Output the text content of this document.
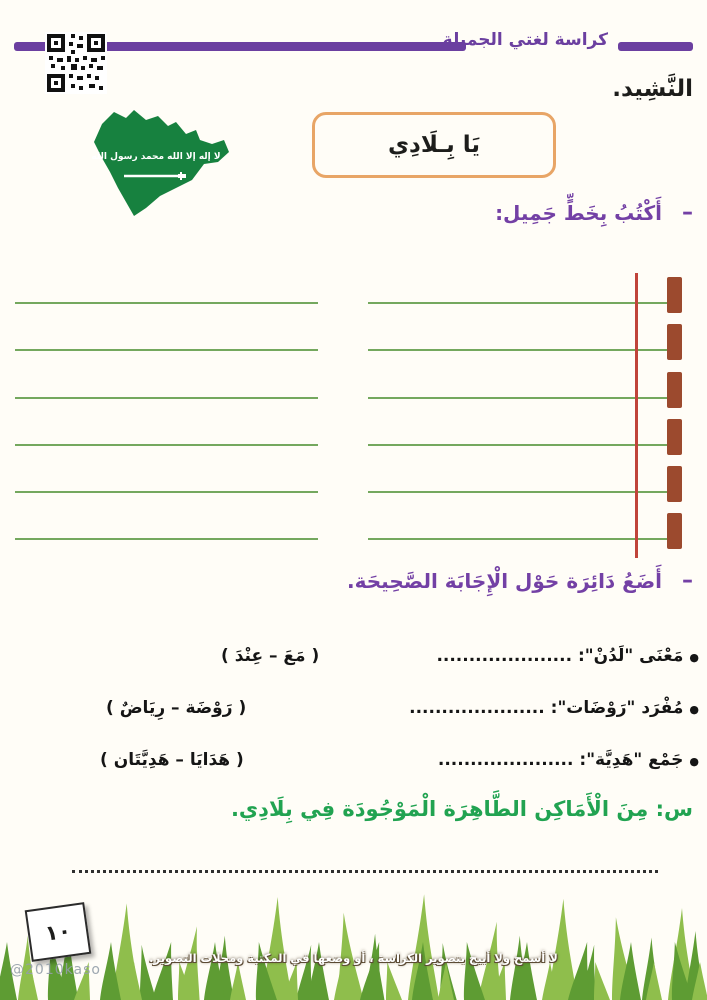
كراسة لغتي الجميلة
النَّشِيد.
لا إله إلا الله محمد رسول الله	يَا بِـلَادِي
–
أَكْتُبُ بِخَطٍّ جَمِيل:
–
أَضَعُ دَائِرَة حَوْل الْإِجَابَة الصَّحِيحَة.
●مَعْنَى "لَدُنْ": .....................
( مَعَ – عِنْدَ )
●مُفْرَد "رَوْضَات": .....................
( رَوْضَة – رِيَاضٌ )
●جَمْع "هَدِيَّة": .....................
( هَدَايَا – هَدِيَّتَان )
س: مِنَ الْأَمَاكِن الطَّاهِرَة الْمَوْجُودَة فِي بِلَادِي.
١٠
@2010kaso
لا أسمح ولا أبيح بتصوير الكراسة ، أو وضعها في المكتبة ومحلات التصوير.
